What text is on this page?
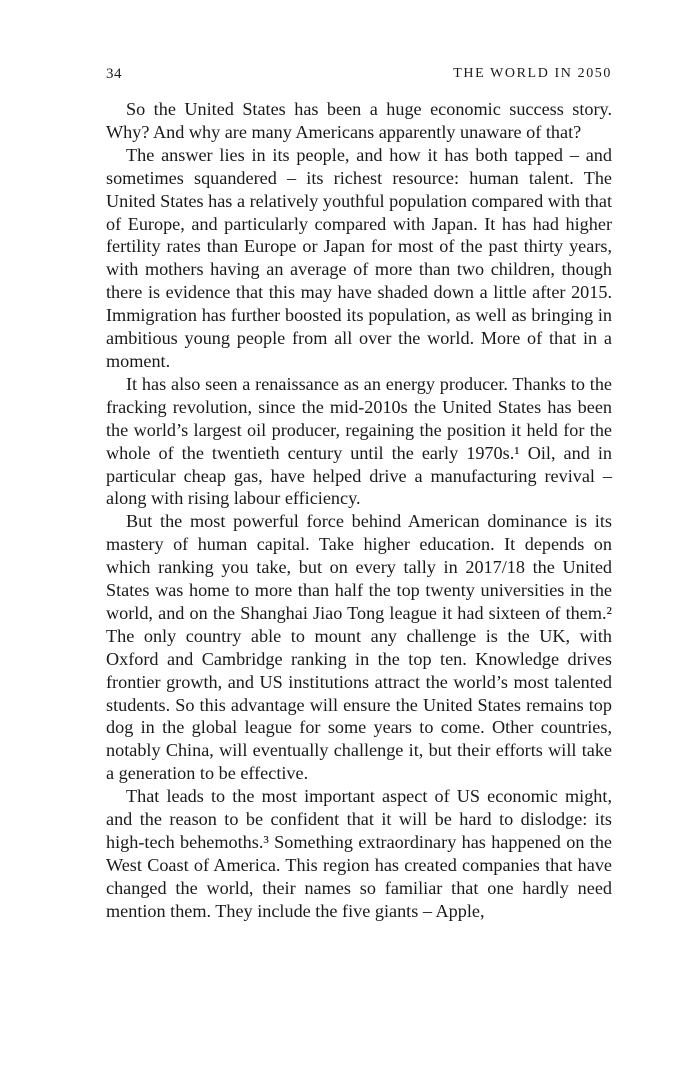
34	THE WORLD IN 2050

So the United States has been a huge economic success story. Why? And why are many Americans apparently unaware of that?

The answer lies in its people, and how it has both tapped – and sometimes squandered – its richest resource: human talent. The United States has a relatively youthful population compared with that of Europe, and particularly compared with Japan. It has had higher fertility rates than Europe or Japan for most of the past thirty years, with mothers having an average of more than two children, though there is evidence that this may have shaded down a little after 2015. Immigration has further boosted its population, as well as bringing in ambitious young people from all over the world. More of that in a moment.

It has also seen a renaissance as an energy producer. Thanks to the fracking revolution, since the mid-2010s the United States has been the world’s largest oil producer, regaining the position it held for the whole of the twentieth century until the early 1970s.¹ Oil, and in particular cheap gas, have helped drive a manufacturing revival – along with rising labour efficiency.

But the most powerful force behind American dominance is its mastery of human capital. Take higher education. It depends on which ranking you take, but on every tally in 2017/18 the United States was home to more than half the top twenty universities in the world, and on the Shanghai Jiao Tong league it had sixteen of them.² The only country able to mount any challenge is the UK, with Oxford and Cambridge ranking in the top ten. Knowledge drives frontier growth, and US institutions attract the world’s most talented students. So this advantage will ensure the United States remains top dog in the global league for some years to come. Other countries, notably China, will eventually challenge it, but their efforts will take a generation to be effective.

That leads to the most important aspect of US economic might, and the reason to be confident that it will be hard to dislodge: its high-tech behemoths.³ Something extraordinary has happened on the West Coast of America. This region has created companies that have changed the world, their names so familiar that one hardly need mention them. They include the five giants – Apple,
